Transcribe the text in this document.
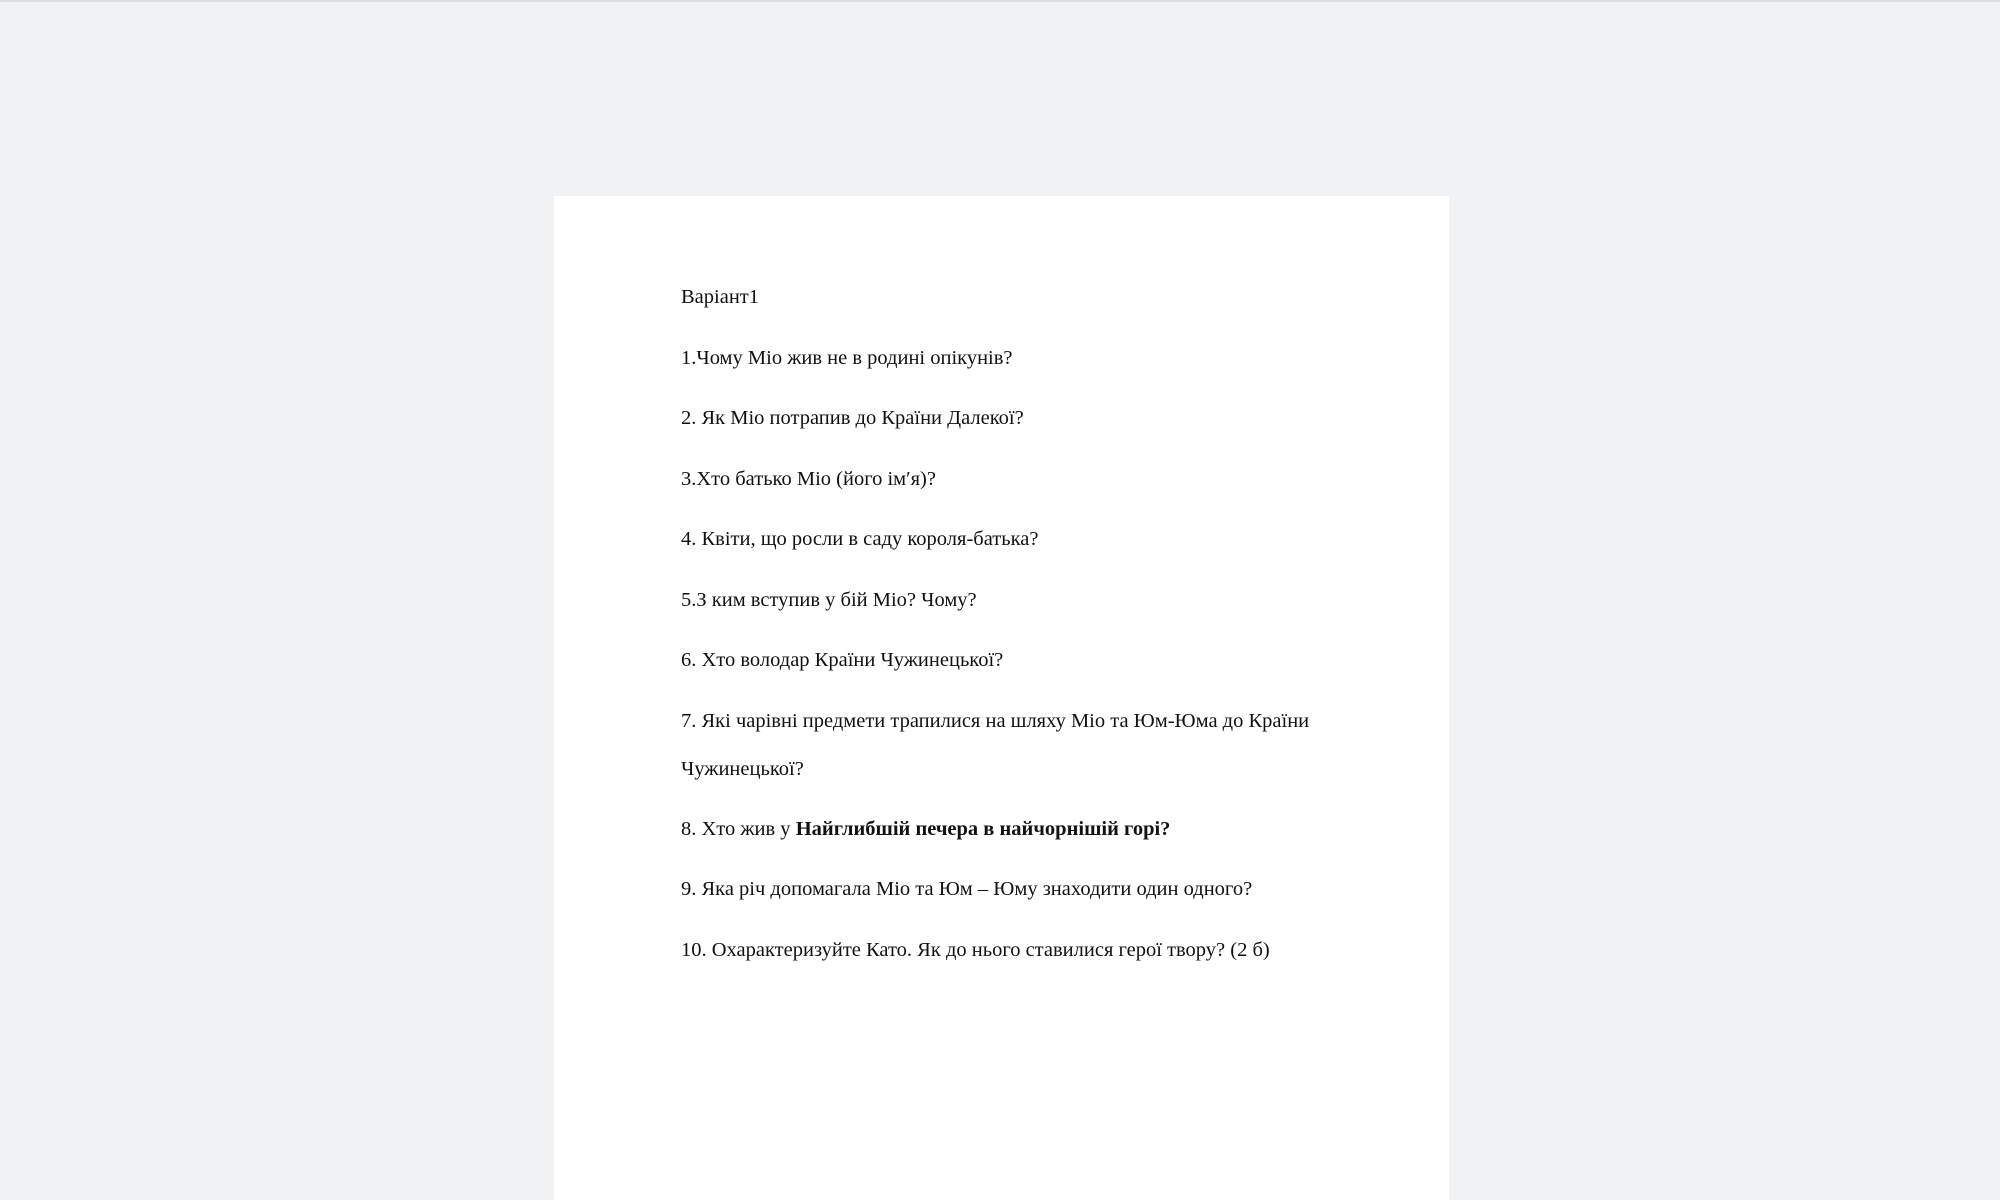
Варіант1

1.Чому Міо жив не в родині опікунів?

2. Як Міо потрапив до Країни Далекої?

3.Хто батько Міо (його ім′я)?

4. Квіти, що росли в саду короля-батька?

5.З ким вступив у бій Міо? Чому?

6. Хто володар Країни Чужинецької?

7. Які чарівні предмети трапилися на шляху Міо та Юм-Юма до Країни Чужинецької?

8. Хто жив у Найглибшій печера в найчорнішій горі?

9. Яка річ допомагала Міо та Юм – Юму знаходити один одного?

10. Охарактеризуйте Като. Як до нього ставилися герої твору? (2 б)
